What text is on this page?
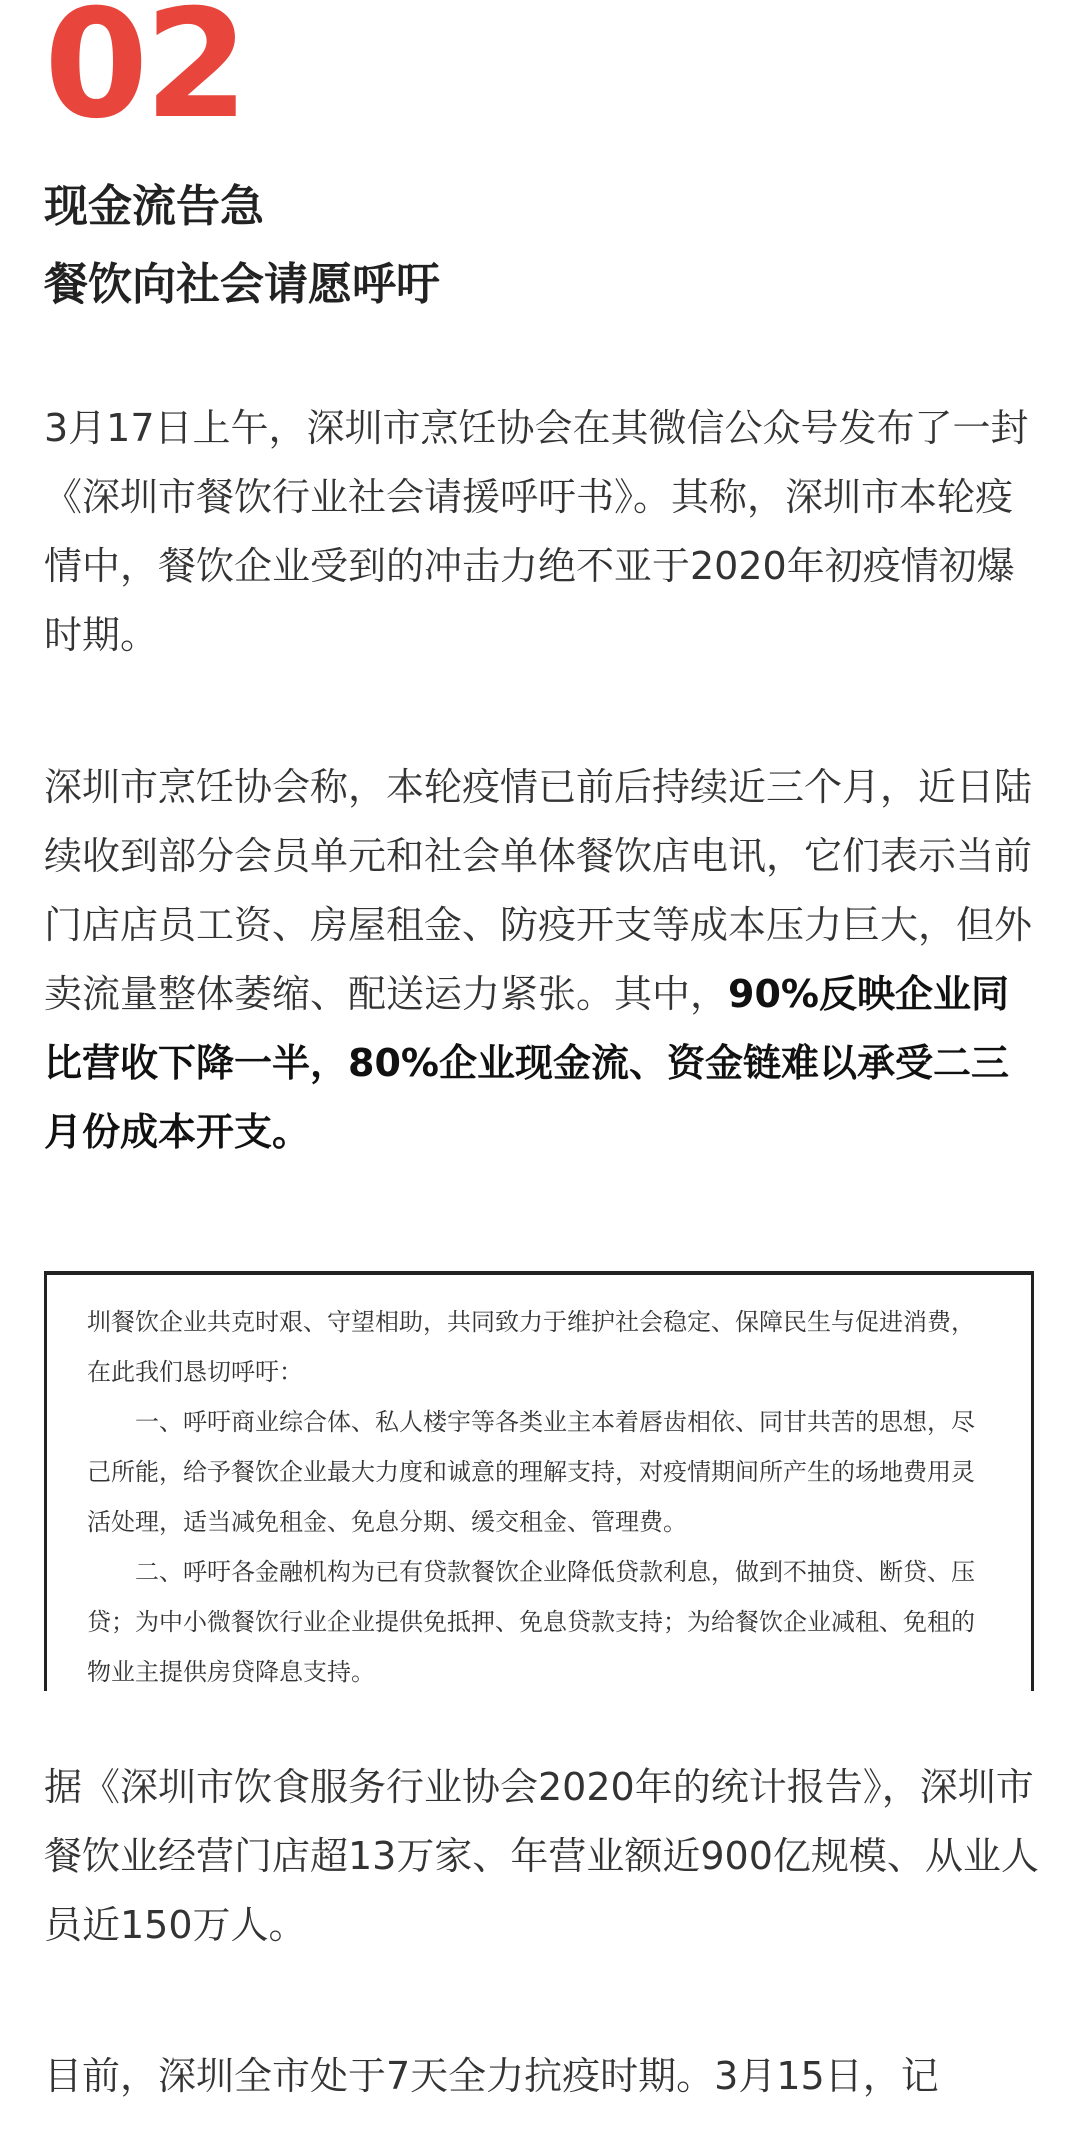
02
现金流告急
餐饮向社会请愿呼吁

3月17日上午，深圳市烹饪协会在其微信公众号发布了一封《深圳市餐饮行业社会请援呼吁书》。其称，深圳市本轮疫情中，餐饮企业受到的冲击力绝不亚于2020年初疫情初爆时期。

深圳市烹饪协会称，本轮疫情已前后持续近三个月，近日陆续收到部分会员单元和社会单体餐饮店电讯，它们表示当前门店店员工资、房屋租金、防疫开支等成本压力巨大，但外卖流量整体萎缩、配送运力紧张。其中，90%反映企业同比营收下降一半，80%企业现金流、资金链难以承受二三月份成本开支。

圳餐饮企业共克时艰、守望相助，共同致力于维护社会稳定、保障民生与促进消费，在此我们恳切呼吁：

一、呼吁商业综合体、私人楼宇等各类业主本着唇齿相依、同甘共苦的思想，尽己所能，给予餐饮企业最大力度和诚意的理解支持，对疫情期间所产生的场地费用灵活处理，适当减免租金、免息分期、缓交租金、管理费。

二、呼吁各金融机构为已有贷款餐饮企业降低贷款利息，做到不抽贷、断贷、压贷；为中小微餐饮行业企业提供免抵押、免息贷款支持；为给餐饮企业减租、免租的物业主提供房贷降息支持。

据《深圳市饮食服务行业协会2020年的统计报告》，深圳市餐饮业经营门店超13万家、年营业额近900亿规模、从业人员近150万人。

目前，深圳全市处于7天全力抗疫时期。3月15日，记
